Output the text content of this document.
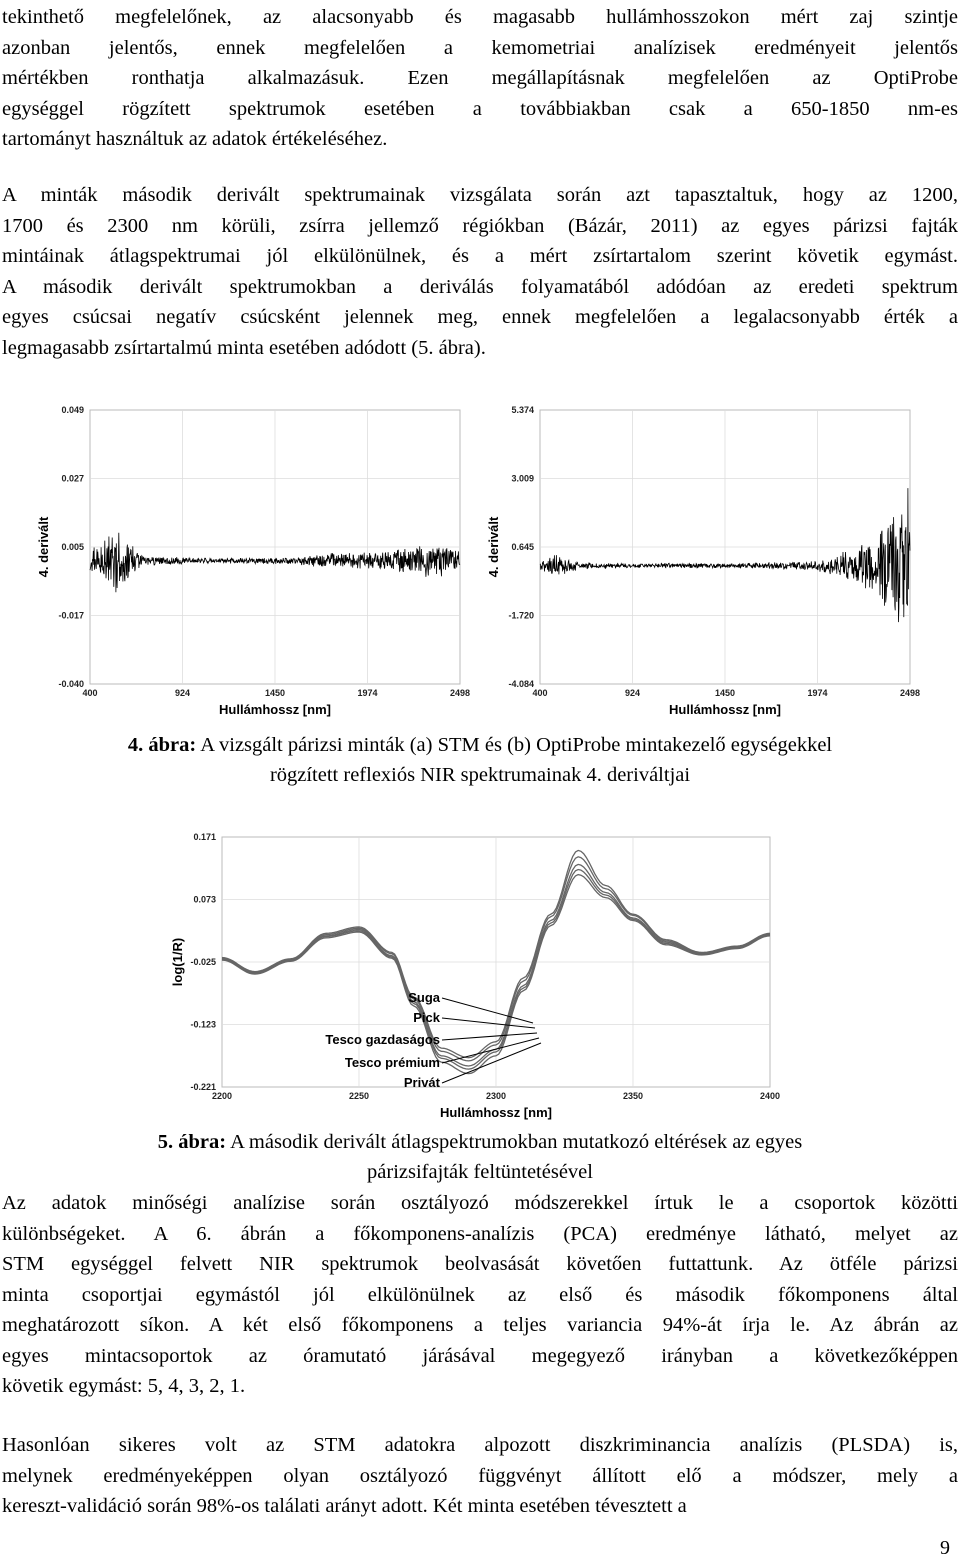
tekinthető megfelelőnek, az alacsonyabb és magasabb hullámhosszokon mért zaj szintje
azonban jelentős, ennek megfelelően a kemometriai analízisek eredményeit jelentős
mértékben ronthatja alkalmazásuk. Ezen megállapításnak megfelelően az OptiProbe
egységgel rögzített spektrumok esetében a továbbiakban csak a 650-1850 nm-es
tartományt használtuk az adatok értékeléséhez.
A minták második derivált spektrumainak vizsgálata során azt tapasztaltuk, hogy az 1200,
1700 és 2300 nm körüli, zsírra jellemző régiókban (Bázár, 2011) az egyes párizsi fajták
mintáinak átlagspektrumai jól elkülönülnek, és a mért zsírtartalom szerint követik egymást.
A második derivált spektrumokban a deriválás folyamatából adódóan az eredeti spektrum
egyes csúcsai negatív csúcsként jelennek meg, ennek megfelelően a legalacsonyabb érték a
legmagasabb zsírtartalmú minta esetében adódott (5. ábra).
0.049
0.027
0.005
-0.017
-0.040
400	924	1450	1974	2498
Hullámhossz [nm]
4. derivált
5.374
3.009
0.645
-1.720
-4.084
400	924	1450	1974	2498
Hullámhossz [nm]
4. derivált
4. ábra: A vizsgált párizsi minták (a) STM és (b) OptiProbe mintakezelő egységekkel
rögzített reflexiós NIR spektrumainak 4. deriváltjai
0.171
0.073
-0.025
-0.123
-0.221
2200	2250	2300	2350	2400
Hullámhossz [nm]
log(1/R)
Suga
Pick
Tesco gazdaságos
Tesco prémium
Privát
5. ábra: A második derivált átlagspektrumokban mutatkozó eltérések az egyes
párizsifajták feltüntetésével
Az adatok minőségi analízise során osztályozó módszerekkel írtuk le a csoportok közötti
különbségeket. A 6. ábrán a főkomponens-analízis (PCA) eredménye látható, melyet az
STM egységgel felvett NIR spektrumok beolvasását követően futtattunk. Az ötféle párizsi
minta csoportjai egymástól jól elkülönülnek az első és második főkomponens által
meghatározott síkon. A két első főkomponens a teljes variancia 94%-át írja le. Az ábrán az
egyes mintacsoportok az óramutató járásával megegyező irányban a következőképpen
követik egymást: 5, 4, 3, 2, 1.
Hasonlóan sikeres volt az STM adatokra alpozott diszkriminancia analízis (PLSDA) is,
melynek eredményeképpen olyan osztályozó függvényt állított elő a módszer, mely a
kereszt-validáció során 98%-os találati arányt adott. Két minta esetében tévesztett a
9
